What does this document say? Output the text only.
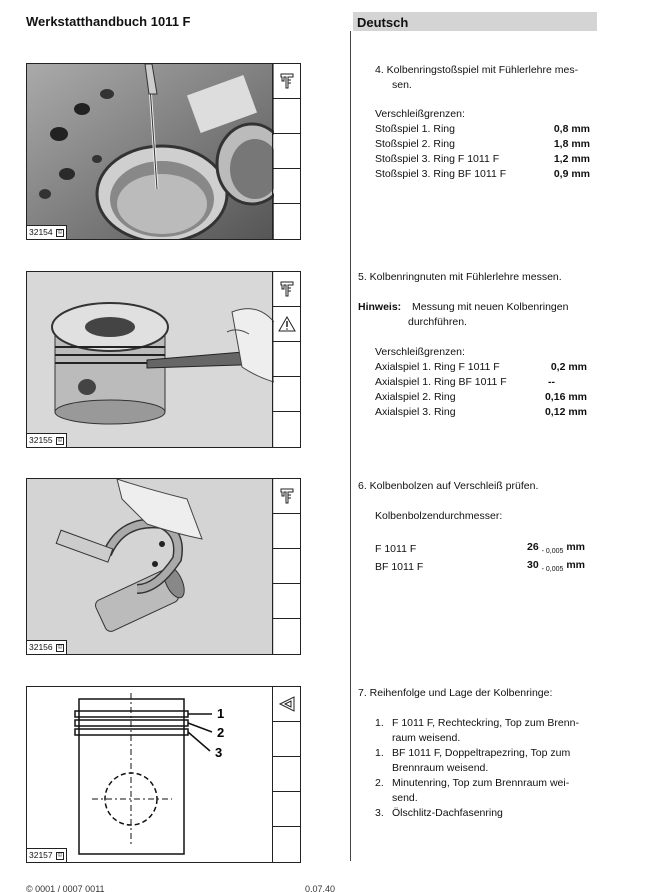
Werkstatthandbuch 1011 F	Deutsch
32154 ©
32155 ©
32156 ©
1
2
3
32157 ©
4. Kolbenringstoßspiel mit Fühlerlehre mes-
sen.
Verschleißgrenzen:
Stoßspiel 1. Ring	0,8 mm
Stoßspiel 2. Ring	1,8 mm
Stoßspiel 3. Ring F 1011 F	1,2 mm
Stoßspiel 3. Ring BF 1011 F	0,9 mm
5. Kolbenringnuten mit Fühlerlehre messen.
Hinweis: Messung mit neuen Kolbenringen
durchführen.
Verschleißgrenzen:
Axialspiel 1. Ring F 1011 F	0,2 mm
Axialspiel 1. Ring BF 1011 F	--
Axialspiel 2. Ring	0,16 mm
Axialspiel 3. Ring	0,12 mm
6. Kolbenbolzen auf Verschleiß prüfen.
Kolbenbolzendurchmesser:
F 1011 F	26 $_{- 0,005}$ mm
BF 1011 F	30 $_{- 0,005}$ mm
7. Reihenfolge und Lage der Kolbenringe:
1. F 1011 F, Rechteckring, Top zum Brenn-
raum weisend.
1. BF 1011 F, Doppeltrapezring, Top zum
Brennraum weisend.
2. Minutenring, Top zum Brennraum wei-
send.
3. Ölschlitz-Dachfasenring
© 0001 / 0007 0011	0.07.40
